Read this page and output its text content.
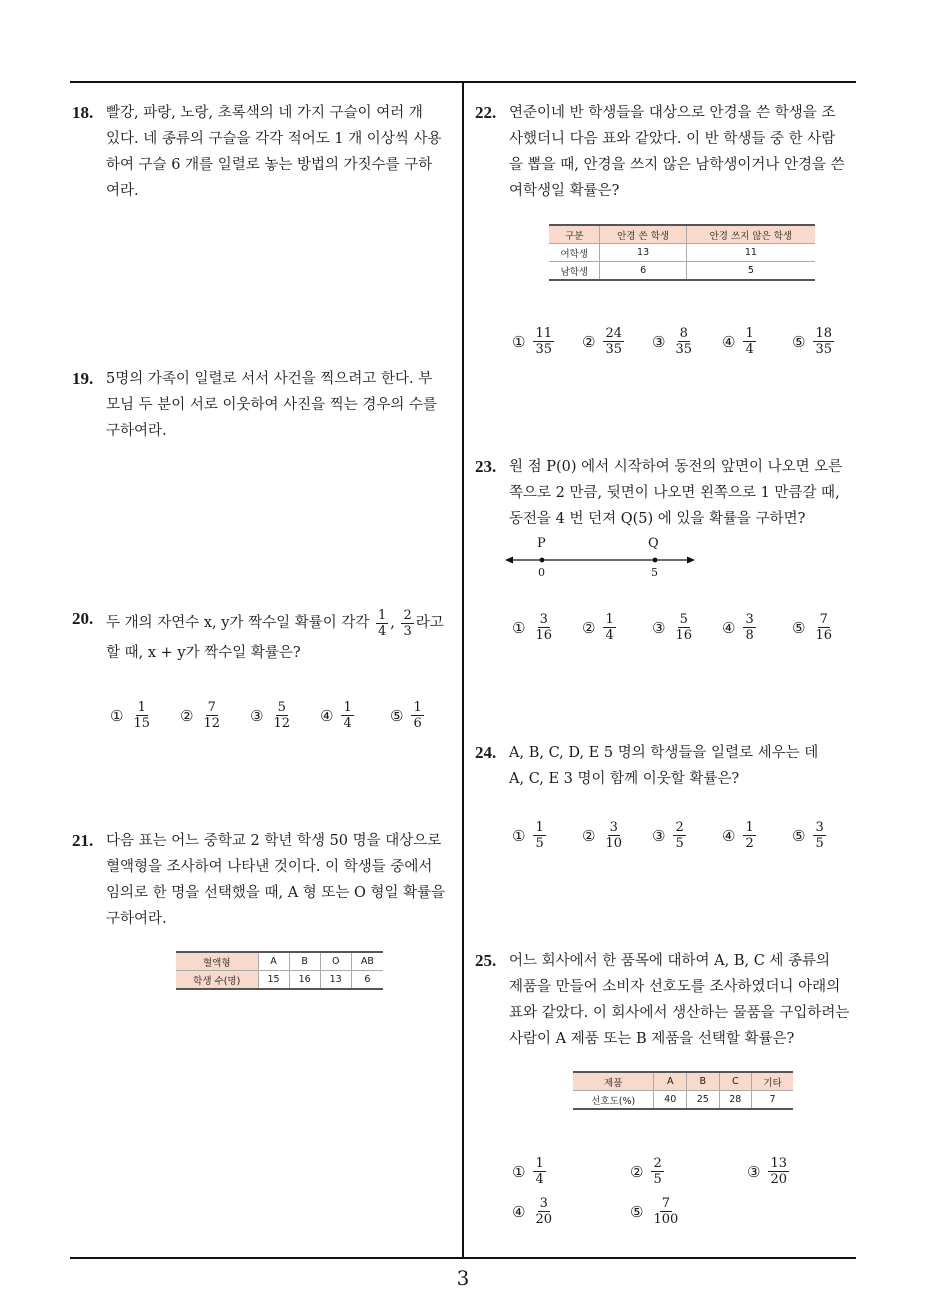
18. 빨강, 파랑, 노랑, 초록색의 네 가지 구슬이 여러 개
있다. 네 종류의 구슬을 각각 적어도 1 개 이상씩 사용
하여 구슬 6 개를 일렬로 놓는 방법의 가짓수를 구하
여라.
19. 5명의 가족이 일렬로 서서 사건을 찍으려고 한다. 부
모님 두 분이 서로 이웃하여 사진을 찍는 경우의 수를
구하여라.
20. 두 개의 자연수 x, y가 짝수일 확률이 각각 $\frac{1}{4}$ , $\frac{2}{3}$ 라고
할 때, x + y가 짝수일 확률은?
① $\frac{1}{15}$ ② $\frac{7}{12}$ ③ $\frac{5}{12}$ ④ $\frac{1}{4}$ ⑤ $\frac{1}{6}$
21. 다음 표는 어느 중학교 2 학년 학생 50 명을 대상으로
혈액형을 조사하여 나타낸 것이다. 이 학생들 중에서
임의로 한 명을 선택했을 때, A 형 또는 O 형일 확률을
구하여라.
혈액형	A	B	O	AB
학생 수(명)	15	16	13	6
22. 연준이네 반 학생들을 대상으로 안경을 쓴 학생을 조
사했더니 다음 표와 같았다. 이 반 학생들 중 한 사람
을 뽑을 때, 안경을 쓰지 않은 남학생이거나 안경을 쓴
여학생일 확률은?
구분	안경 쓴 학생	안경 쓰지 않은 학생
여학생	13	11
남학생	6	5
① $\frac{11}{35}$ ② $\frac{24}{35}$ ③ $\frac{8}{35}$ ④ $\frac{1}{4}$ ⑤ $\frac{18}{35}$
23. 원 점 P(0) 에서 시작하여 동전의 앞면이 나오면 오른
쪽으로 2 만큼, 뒷면이 나오면 왼쪽으로 1 만큼갈 때,
동전을 4 번 던져 Q(5) 에 있을 확률을 구하면?
P	Q
0	5
① $\frac{3}{16}$ ② $\frac{1}{4}$ ③ $\frac{5}{16}$ ④ $\frac{3}{8}$ ⑤ $\frac{7}{16}$
24. A, B, C, D, E 5 명의 학생들을 일렬로 세우는 데
A, C, E 3 명이 함께 이웃할 확률은?
① $\frac{1}{5}$ ② $\frac{3}{10}$ ③ $\frac{2}{5}$ ④ $\frac{1}{2}$ ⑤ $\frac{3}{5}$
25. 어느 회사에서 한 품목에 대하여 A, B, C 세 종류의
제품을 만들어 소비자 선호도를 조사하였더니 아래의
표와 같았다. 이 회사에서 생산하는 물품을 구입하려는
사람이 A 제품 또는 B 제품을 선택할 확률은?
제품	A	B	C	기타
선호도(%)	40	25	28	7
① $\frac{1}{4}$	② $\frac{2}{5}$	③ $\frac{13}{20}$
④ $\frac{3}{20}$	⑤ $\frac{7}{100}$
3
